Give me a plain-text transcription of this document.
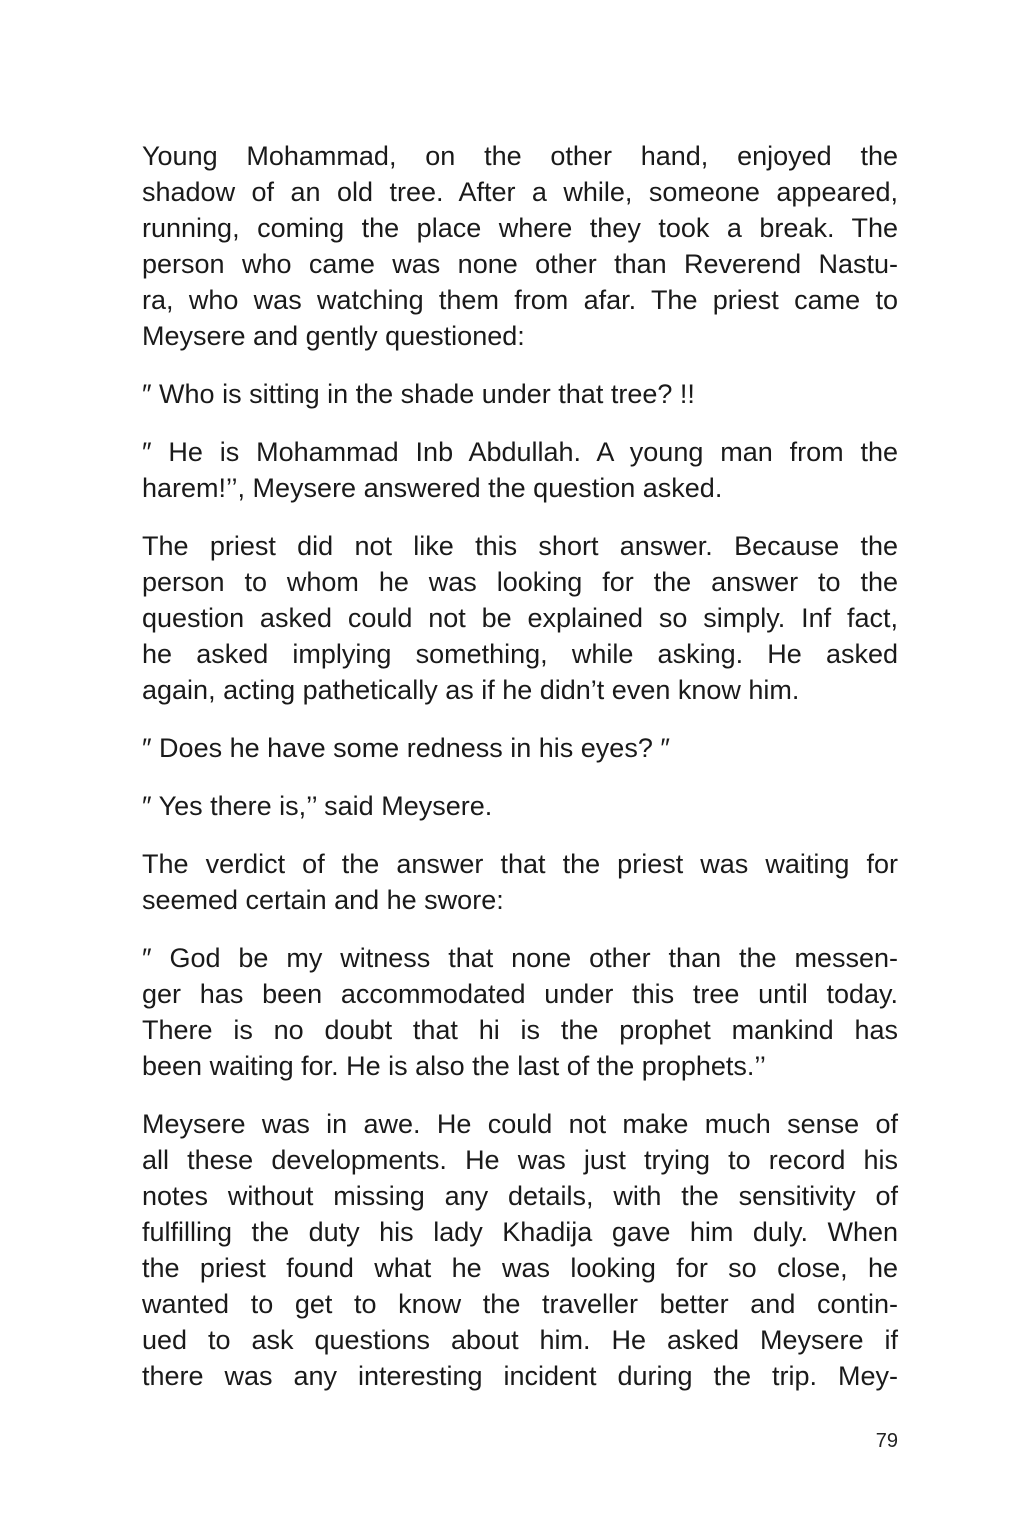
Young Mohammad, on the other hand, enjoyed the
shadow of an old tree. After a while, someone appeared,
running, coming the place where they took a break. The
person who came was none other than Reverend Nastu-
ra, who was watching them from afar. The priest came to
Meysere and gently questioned:
″ Who is sitting in the shade under that tree? !!
″ He is Mohammad Inb Abdullah. A young man from the
harem!’’, Meysere answered the question asked.
The priest did not like this short answer. Because the
person to whom he was looking for the answer to the
question asked could not be explained so simply. Inf fact,
he asked implying something, while asking. He asked
again, acting pathetically as if he didn’t even know him.
″ Does he have some redness in his eyes? ″
″ Yes there is,’’ said Meysere.
The verdict of the answer that the priest was waiting for
seemed certain and he swore:
″ God be my witness that none other than the messen-
ger has been accommodated under this tree until today.
There is no doubt that hi is the prophet mankind has
been waiting for. He is also the last of the prophets.’’
Meysere was in awe. He could not make much sense of
all these developments. He was just trying to record his
notes without missing any details, with the sensitivity of
fulfilling the duty his lady Khadija gave him duly. When
the priest found what he was looking for so close, he
wanted to get to know the traveller better and contin-
ued to ask questions about him. He asked Meysere if
there was any interesting incident during the trip. Mey-
79
